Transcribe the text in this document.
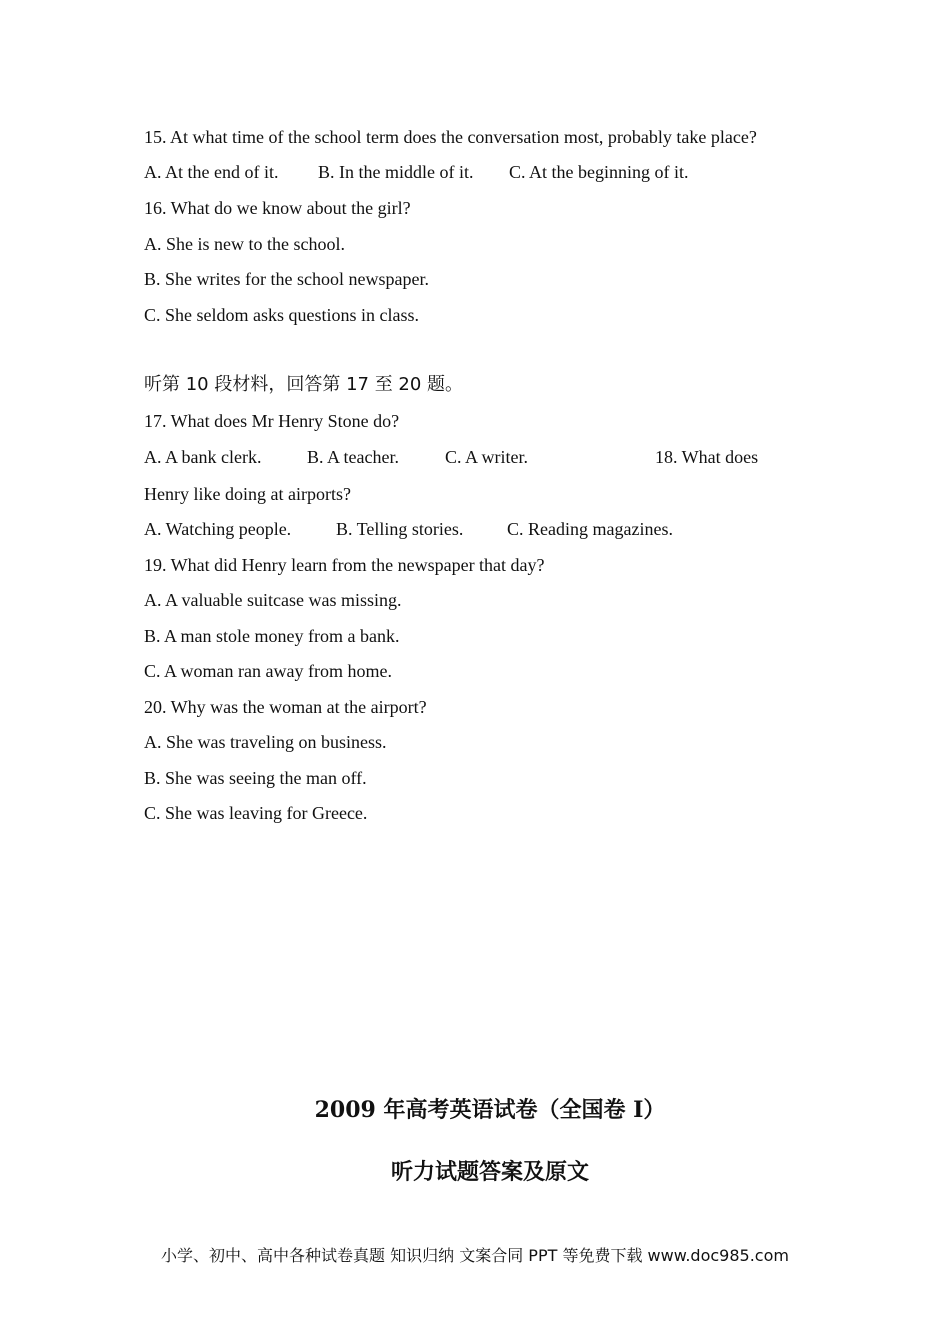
15. At what time of the school term does the conversation most, probably take place?
A. At the end of it. B. In the middle of it. C. At the beginning of it.
16. What do we know about the girl?
A. She is new to the school.
B. She writes for the school newspaper.
C. She seldom asks questions in class.
听第 10 段材料，回答第 17 至 20 题。
17. What does Mr Henry Stone do?
A. A bank clerk.	B. A teacher.	C. A writer.	18. What does
Henry like doing at airports?
A. Watching people. B. Telling stories. C. Reading magazines.
19. What did Henry learn from the newspaper that day?
A. A valuable suitcase was missing.
B. A man stole money from a bank.
C. A woman ran away from home.
20. Why was the woman at the airport?
A. She was traveling on business.
B. She was seeing the man off.
C. She was leaving for Greece.
2009 年高考英语试卷（全国卷 I）
听力试题答案及原文
小学、初中、高中各种试卷真题 知识归纳 文案合同 PPT 等免费下载 www.doc985.com
